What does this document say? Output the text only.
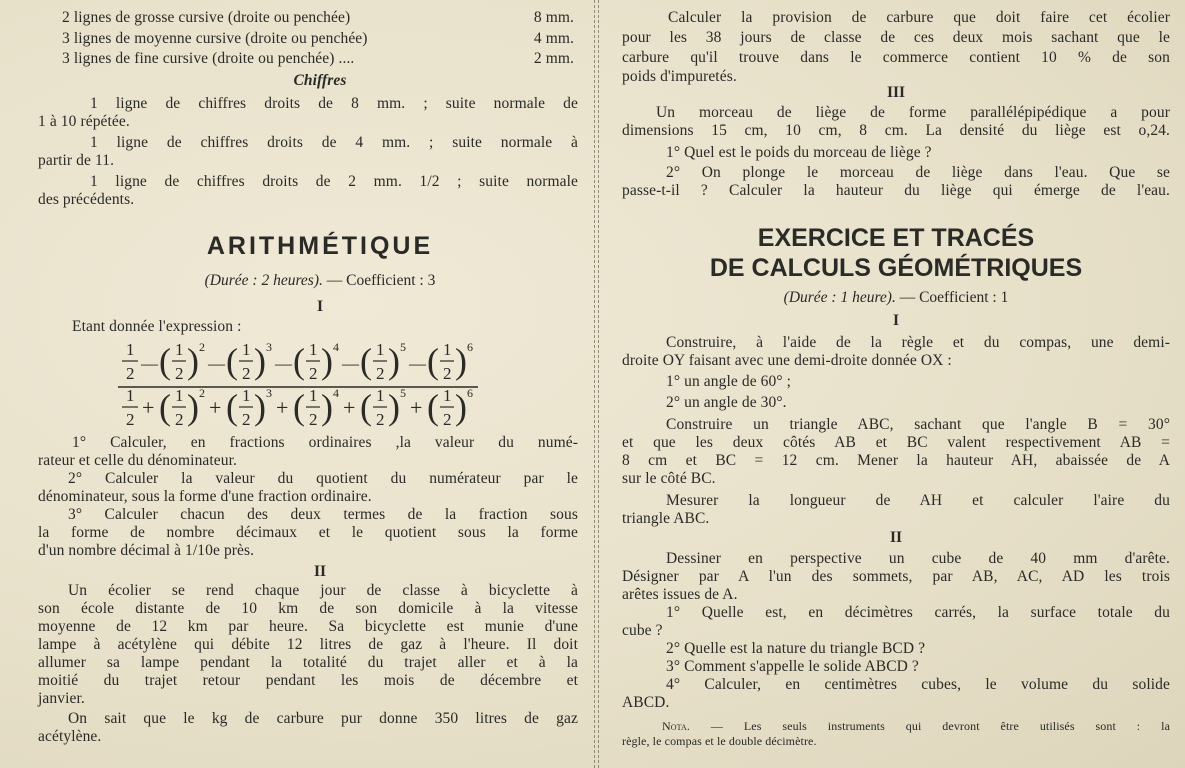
2 lignes de grosse cursive (droite ou penchée)	8 mm.
3 lignes de moyenne cursive (droite ou penchée)	4 mm.
3 lignes de fine cursive (droite ou penchée) ....	2 mm.
Chiffres
1 ligne de chiffres droits de 8 mm. ; suite normale de
1 à 10 répétée.
1 ligne de chiffres droits de 4 mm. ; suite normale à
partir de 11.
1 ligne de chiffres droits de 2 mm. 1/2 ; suite normale
des précédents.
ARITHMÉTIQUE
(Durée : 2 heures). — Coefficient : 3
I
Etant donnée l'expression :
1° Calculer, en fractions ordinaires ,la valeur du numé-
rateur et celle du dénominateur.
2° Calculer la valeur du quotient du numérateur par le
dénominateur, sous la forme d'une fraction ordinaire.
3° Calculer chacun des deux termes de la fraction sous
la forme de nombre décimaux et le quotient sous la forme
d'un nombre décimal à 1/10e près.
II
Un écolier se rend chaque jour de classe à bicyclette à
son école distante de 10 km de son domicile à la vitesse
moyenne de 12 km par heure. Sa bicyclette est munie d'une
lampe à acétylène qui débite 12 litres de gaz à l'heure. Il doit
allumer sa lampe pendant la totalité du trajet aller et à la
moitié du trajet retour pendant les mois de décembre et
janvier.
On sait que le kg de carbure pur donne 350 litres de gaz
acétylène.
1
2
— ( 1
2 ) 2
— ( 1
2 ) 3
— ( 1
2 ) 4
— ( 1
2 ) 5
— ( 1
2 ) 6
1
2 + ( 1
2 ) 2
+ ( 1
2 ) 3
+ ( 1
2 ) 4
+ ( 1
2 ) 5
+ ( 1
2 ) 6
Calculer la provision de carbure que doit faire cet écolier
pour les 38 jours de classe de ces deux mois sachant que le
carbure qu'il trouve dans le commerce contient 10 % de son
poids d'impuretés.
III
Un morceau de liège de forme parallélépipédique a pour
dimensions 15 cm, 10 cm, 8 cm. La densité du liège est o,24.
1° Quel est le poids du morceau de liège ?
2° On plonge le morceau de liège dans l'eau. Que se
passe-t-il ? Calculer la hauteur du liège qui émerge de l'eau.
EXERCICE ET TRACÉS
DE CALCULS GÉOMÉTRIQUES
(Durée : 1 heure). — Coefficient : 1
I
Construire, à l'aide de la règle et du compas, une demi-
droite OY faisant avec une demi-droite donnée OX :
1° un angle de 60° ;
2° un angle de 30°.
Construire un triangle ABC, sachant que l'angle B = 30°
et que les deux côtés AB et BC valent respectivement AB =
8 cm et BC = 12 cm. Mener la hauteur AH, abaissée de A
sur le côté BC.
Mesurer la longueur de AH et calculer l'aire du
triangle ABC.
II
Dessiner en perspective un cube de 40 mm d'arête.
Désigner par A l'un des sommets, par AB, AC, AD les trois
arêtes issues de A.
1° Quelle est, en décimètres carrés, la surface totale du
cube ?
2° Quelle est la nature du triangle BCD ?
3° Comment s'appelle le solide ABCD ?
4° Calculer, en centimètres cubes, le volume du solide
ABCD.
Nota. — Les seuls instruments qui devront être utilisés sont : la
règle, le compas et le double décimètre.
